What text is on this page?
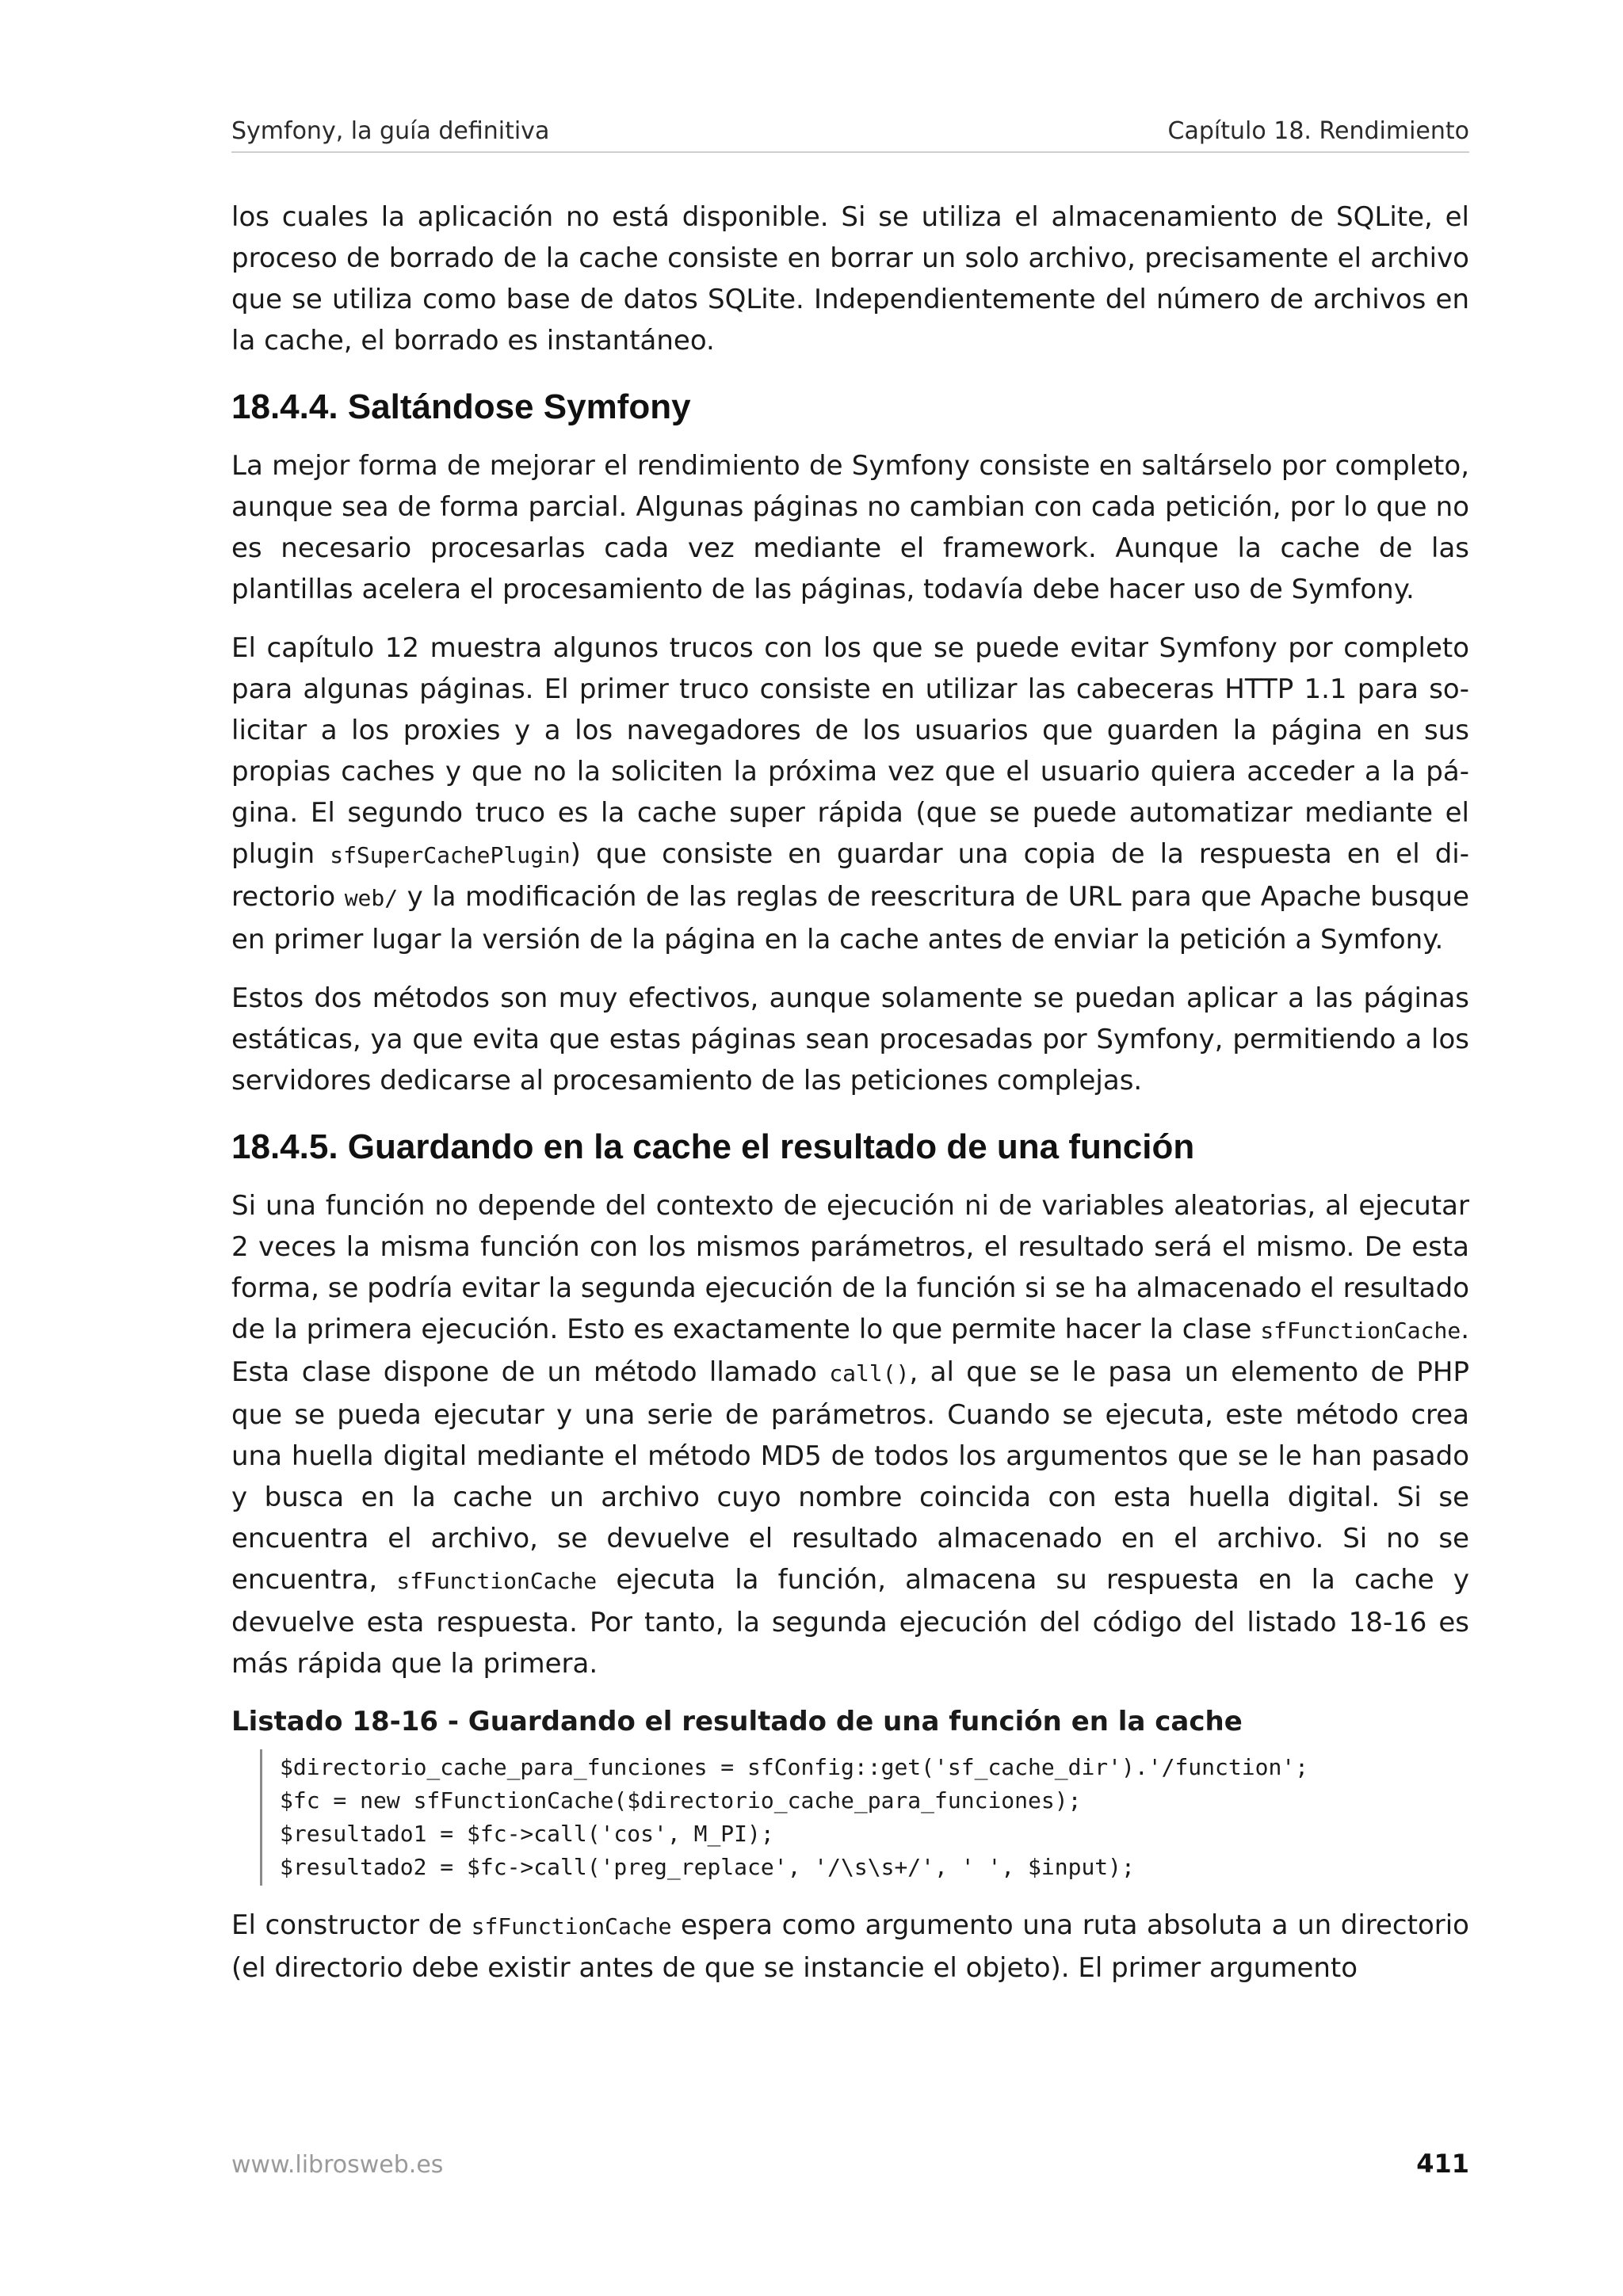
Symfony, la guía definitiva	Capítulo 18. Rendimiento

los cuales la aplicación no está disponible. Si se utiliza el almacenamiento de SQLite, el proceso de borrado de la cache consiste en borrar un solo archivo, precisamente el archivo que se utiliza como base de datos SQLite. Independientemente del número de archivos en la cache, el borrado es instantáneo.

18.4.4. Saltándose Symfony

La mejor forma de mejorar el rendimiento de Symfony consiste en saltárselo por completo, aunque sea de forma parcial. Algunas páginas no cambian con cada petición, por lo que no es necesario procesarlas cada vez mediante el framework. Aunque la cache de las plantillas acelera el procesamiento de las páginas, todavía debe hacer uso de Symfony.

El capítulo 12 muestra algunos trucos con los que se puede evitar Symfony por completo para algunas páginas. El primer truco consiste en utilizar las cabeceras HTTP 1.1 para solicitar a los proxies y a los navegadores de los usuarios que guarden la página en sus propias caches y que no la soliciten la próxima vez que el usuario quiera acceder a la página. El segundo truco es la cache super rápida (que se puede automatizar mediante el plugin sfSuperCachePlugin) que consiste en guardar una copia de la respuesta en el directorio web/ y la modificación de las reglas de reescritura de URL para que Apache busque en primer lugar la versión de la página en la cache antes de enviar la petición a Symfony.

Estos dos métodos son muy efectivos, aunque solamente se puedan aplicar a las páginas estáticas, ya que evita que estas páginas sean procesadas por Symfony, permitiendo a los servidores dedicarse al procesamiento de las peticiones complejas.

18.4.5. Guardando en la cache el resultado de una función

Si una función no depende del contexto de ejecución ni de variables aleatorias, al ejecutar 2 veces la misma función con los mismos parámetros, el resultado será el mismo. De esta forma, se podría evitar la segunda ejecución de la función si se ha almacenado el resultado de la primera ejecución. Esto es exactamente lo que permite hacer la clase sfFunctionCache. Esta clase dispone de un método llamado call(), al que se le pasa un elemento de PHP que se pueda ejecutar y una serie de parámetros. Cuando se ejecuta, este método crea una huella digital mediante el método MD5 de todos los argumentos que se le han pasado y busca en la cache un archivo cuyo nombre coincida con esta huella digital. Si se encuentra el archivo, se devuelve el resultado almacenado en el archivo. Si no se encuentra, sfFunctionCache ejecuta la función, almacena su respuesta en la cache y devuelve esta respuesta. Por tanto, la segunda ejecución del código del listado 18-16 es más rápida que la primera.

Listado 18-16 - Guardando el resultado de una función en la cache
$directorio_cache_para_funciones = sfConfig::get('sf_cache_dir').'/function';
$fc = new sfFunctionCache($directorio_cache_para_funciones);
$resultado1 = $fc->call('cos', M_PI);
$resultado2 = $fc->call('preg_replace', '/\s\s+/', ' ', $input);

El constructor de sfFunctionCache espera como argumento una ruta absoluta a un directorio (el directorio debe existir antes de que se instancie el objeto). El primer argumento

www.librosweb.es	411
